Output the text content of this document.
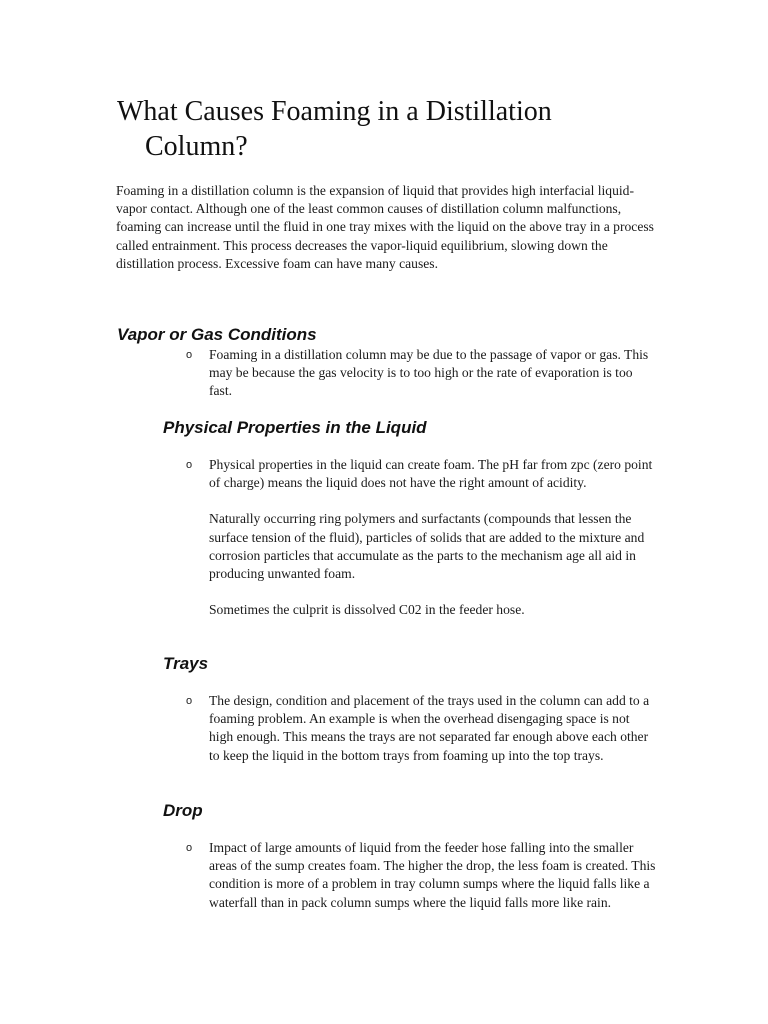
What Causes Foaming in a Distillation
Column?

Foaming in a distillation column is the expansion of liquid that provides high interfacial liquid-vapor contact. Although one of the least common causes of distillation column malfunctions, foaming can increase until the fluid in one tray mixes with the liquid on the above tray in a process called entrainment. This process decreases the vapor-liquid equilibrium, slowing down the distillation process. Excessive foam can have many causes.

Vapor or Gas Conditions
o	Foaming in a distillation column may be due to the passage of vapor or gas. This may be because the gas velocity is to too high or the rate of evaporation is too fast.

Physical Properties in the Liquid
o	Physical properties in the liquid can create foam. The pH far from zpc (zero point of charge) means the liquid does not have the right amount of acidity.

Naturally occurring ring polymers and surfactants (compounds that lessen the surface tension of the fluid), particles of solids that are added to the mixture and corrosion particles that accumulate as the parts to the mechanism age all aid in producing unwanted foam.

Sometimes the culprit is dissolved C02 in the feeder hose.

Trays
o	The design, condition and placement of the trays used in the column can add to a foaming problem. An example is when the overhead disengaging space is not high enough. This means the trays are not separated far enough above each other to keep the liquid in the bottom trays from foaming up into the top trays.

Drop
o	Impact of large amounts of liquid from the feeder hose falling into the smaller areas of the sump creates foam. The higher the drop, the less foam is created. This condition is more of a problem in tray column sumps where the liquid falls like a waterfall than in pack column sumps where the liquid falls more like rain.
